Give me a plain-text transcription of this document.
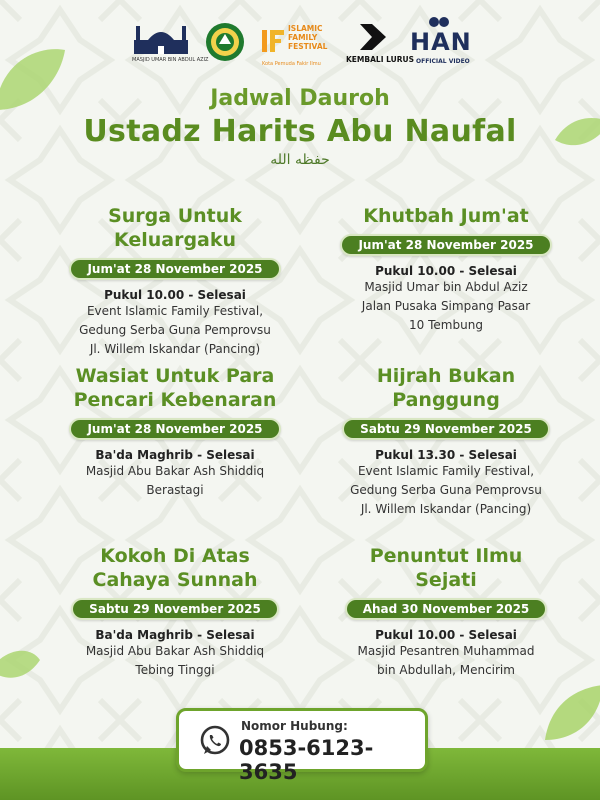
MASJID UMAR BIN ABDUL AZIZ
ISLAMIC FAMILY FESTIVAL
Kota Pemuda Fakir Ilmu	KEMBALI LURUS
HAN
OFFICIAL VIDEO
Jadwal Dauroh
Ustadz Harits Abu Naufal
حفظه الله
Surga Untuk Keluargaku
Jum'at 28 November 2025
Pukul 10.00 - Selesai
Event Islamic Family Festival,
Gedung Serba Guna Pemprovsu
Jl. Willem Iskandar (Pancing)
Khutbah Jum'at
Jum'at 28 November 2025
Pukul 10.00 - Selesai
Masjid Umar bin Abdul Aziz
Jalan Pusaka Simpang Pasar
10 Tembung
Wasiat Untuk Para
Pencari Kebenaran
Jum'at 28 November 2025
Ba'da Maghrib - Selesai
Masjid Abu Bakar Ash Shiddiq
Berastagi
Hijrah Bukan
Panggung
Sabtu 29 November 2025
Pukul 13.30 - Selesai
Event Islamic Family Festival,
Gedung Serba Guna Pemprovsu
Jl. Willem Iskandar (Pancing)
Kokoh Di Atas
Cahaya Sunnah
Sabtu 29 November 2025
Ba'da Maghrib - Selesai
Masjid Abu Bakar Ash Shiddiq
Tebing Tinggi
Penuntut Ilmu
Sejati
Ahad 30 November 2025
Pukul 10.00 - Selesai
Masjid Pesantren Muhammad
bin Abdullah, Mencirim
Nomor Hubung:
0853-6123-3635
